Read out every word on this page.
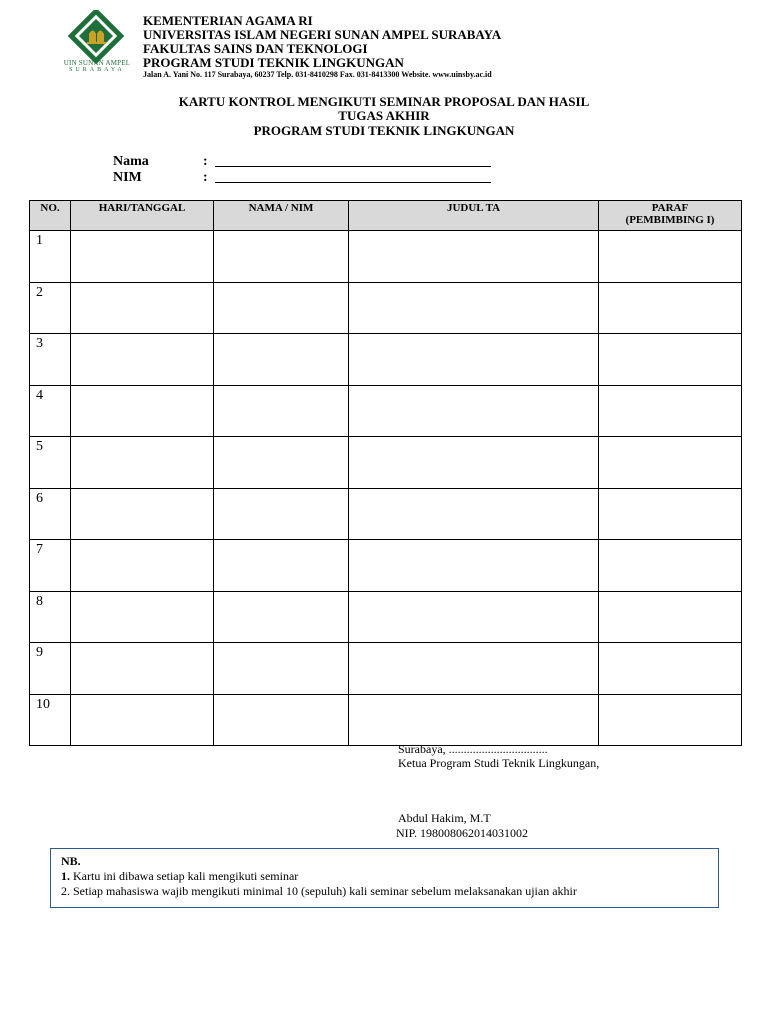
UIN SUNAN AMPEL
SURABAYA
KEMENTERIAN AGAMA RI
UNIVERSITAS ISLAM NEGERI SUNAN AMPEL SURABAYA
FAKULTAS SAINS DAN TEKNOLOGI
PROGRAM STUDI TEKNIK LINGKUNGAN
Jalan A. Yani No. 117 Surabaya, 60237 Telp. 031-8410298 Fax. 031-8413300 Website. www.uinsby.ac.id
KARTU KONTROL MENGIKUTI SEMINAR PROPOSAL DAN HASIL
TUGAS AKHIR
PROGRAM STUDI TEKNIK LINGKUNGAN
Nama	:
NIM	:
NO.	HARI/TANGGAL	NAMA / NIM	JUDUL TA	PARAF
(PEMBIMBING I)

1				
2				
3				
4				
5				
6				
7				
8				
9				
10				
Surabaya, .................................
Ketua Program Studi Teknik Lingkungan,
Abdul Hakim, M.T
NIP. 198008062014031002
NB.
1. Kartu ini dibawa setiap kali mengikuti seminar
2. Setiap mahasiswa wajib mengikuti minimal 10 (sepuluh) kali seminar sebelum melaksanakan ujian akhir
